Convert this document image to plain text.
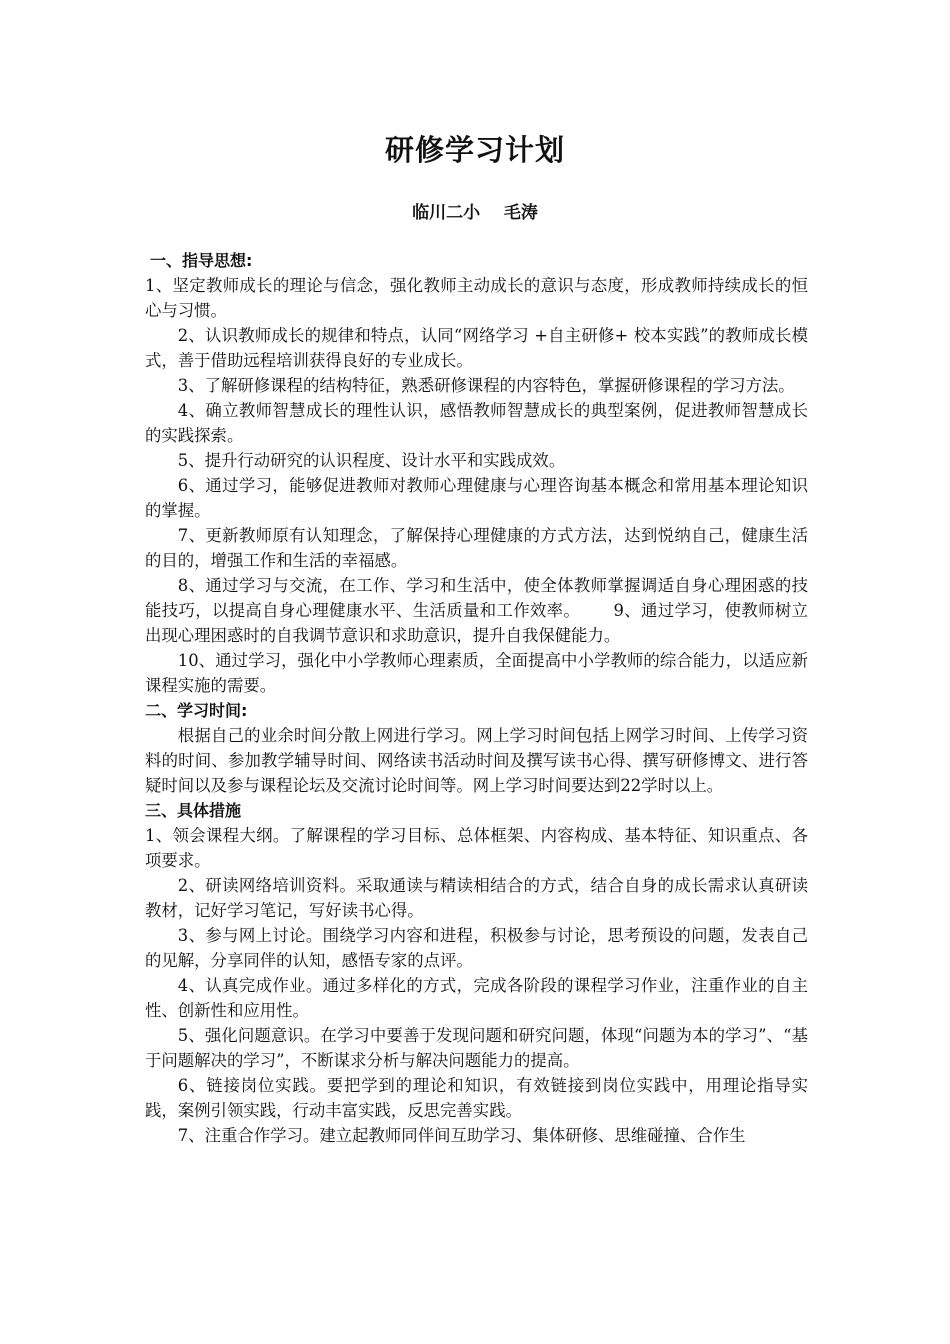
研修学习计划
临川二小    毛涛

一、指导思想:

1、坚定教师成长的理论与信念，强化教师主动成长的意识与态度，形成教师持续成长的恒心与习惯。

2、认识教师成长的规律和特点，认同“网络学习 +自主研修+ 校本实践”的教师成长模式，善于借助远程培训获得良好的专业成长。

3、了解研修课程的结构特征，熟悉研修课程的内容特色，掌握研修课程的学习方法。

4、确立教师智慧成长的理性认识，感悟教师智慧成长的典型案例，促进教师智慧成长的实践探索。

5、提升行动研究的认识程度、设计水平和实践成效。

6、通过学习，能够促进教师对教师心理健康与心理咨询基本概念和常用基本理论知识的掌握。

7、更新教师原有认知理念，了解保持心理健康的方式方法，达到悦纳自己，健康生活的目的，增强工作和生活的幸福感。

8、通过学习与交流，在工作、学习和生活中，使全体教师掌握调适自身心理困惑的技能技巧，以提高自身心理健康水平、生活质量和工作效率。      9、通过学习，使教师树立出现心理困惑时的自我调节意识和求助意识，提升自我保健能力。

10、通过学习，强化中小学教师心理素质，全面提高中小学教师的综合能力，以适应新课程实施的需要。

二、学习时间:

根据自己的业余时间分散上网进行学习。网上学习时间包括上网学习时间、上传学习资料的时间、参加教学辅导时间、网络读书活动时间及撰写读书心得、撰写研修博文、进行答疑时间以及参与课程论坛及交流讨论时间等。网上学习时间要达到22学时以上。

三、具体措施

1、领会课程大纲。了解课程的学习目标、总体框架、内容构成、基本特征、知识重点、各项要求。

2、研读网络培训资料。采取通读与精读相结合的方式，结合自身的成长需求认真研读教材，记好学习笔记，写好读书心得。

3、参与网上讨论。围绕学习内容和进程，积极参与讨论，思考预设的问题，发表自己的见解，分享同伴的认知，感悟专家的点评。

4、认真完成作业。通过多样化的方式，完成各阶段的课程学习作业，注重作业的自主性、创新性和应用性。

5、强化问题意识。在学习中要善于发现问题和研究问题，体现“问题为本的学习”、“基于问题解决的学习”，不断谋求分析与解决问题能力的提高。

6、链接岗位实践。要把学到的理论和知识，有效链接到岗位实践中，用理论指导实践，案例引领实践，行动丰富实践，反思完善实践。

7、注重合作学习。建立起教师同伴间互助学习、集体研修、思维碰撞、合作生
